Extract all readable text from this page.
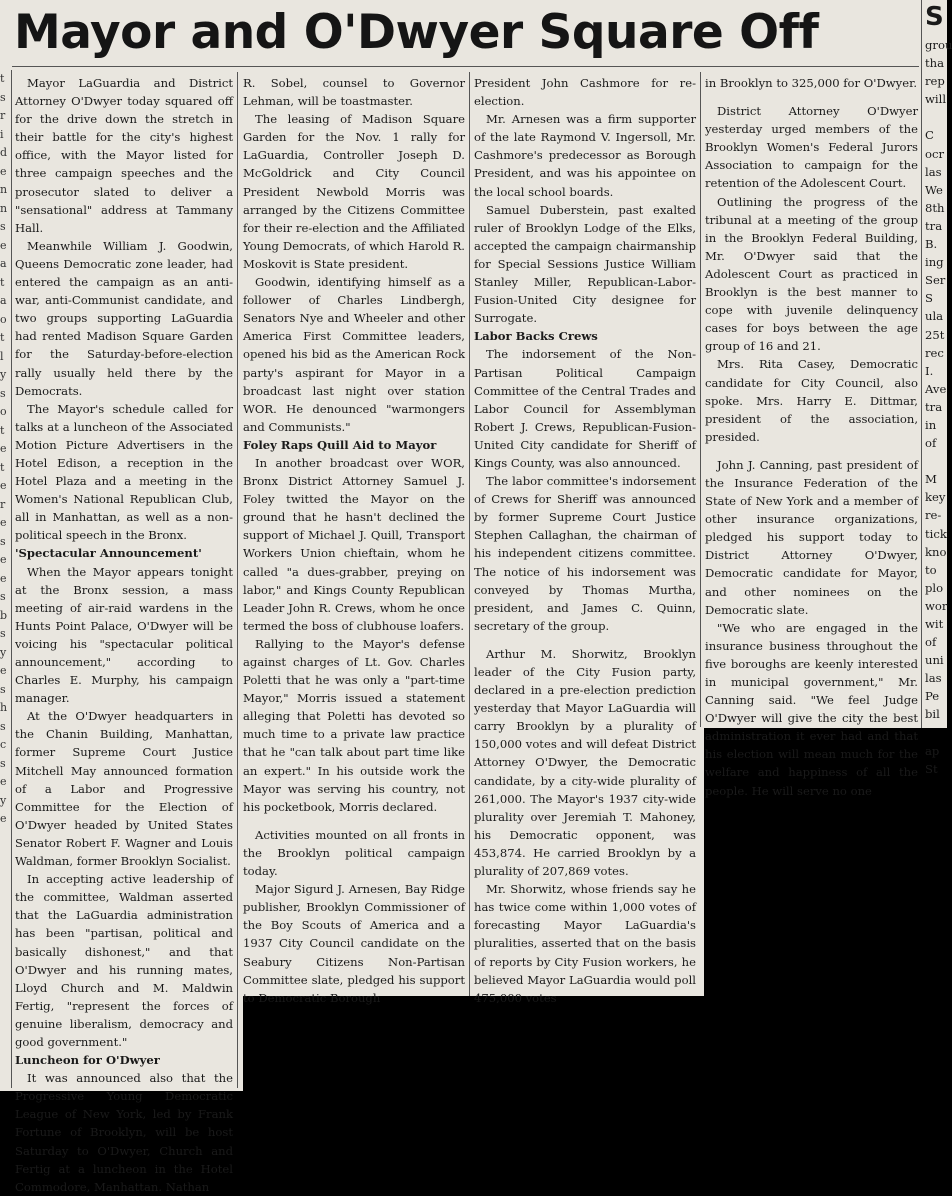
t
s
r
i
d
e
n
n
s
e
a
t
a
o
t
l
y
s
o
t
e
t
e
r
e
s
e
e
s
b
s
y
e
s
h
s
c
s
e
y
e
Mayor and O'Dwyer Square Off

Mayor LaGuardia and District Attorney O'Dwyer today squared off for the drive down the stretch in their battle for the city's highest office, with the Mayor listed for three campaign speeches and the prosecutor slated to deliver a "sensational" address at Tammany Hall.

Meanwhile William J. Goodwin, Queens Democratic zone leader, had entered the campaign as an anti-war, anti-Communist candidate, and two groups supporting LaGuardia had rented Madison Square Garden for the Saturday-before-election rally usually held there by the Democrats.

The Mayor's schedule called for talks at a luncheon of the Associated Motion Picture Advertisers in the Hotel Edison, a reception in the Hotel Plaza and a meeting in the Women's National Republican Club, all in Manhattan, as well as a non-political speech in the Bronx.

'Spectacular Announcement'

When the Mayor appears tonight at the Bronx session, a mass meeting of air-raid wardens in the Hunts Point Palace, O'Dwyer will be voicing his "spectacular political announcement," according to Charles E. Murphy, his campaign manager.

At the O'Dwyer headquarters in the Chanin Building, Manhattan, former Supreme Court Justice Mitchell May announced formation of a Labor and Progressive Committee for the Election of O'Dwyer headed by United States Senator Robert F. Wagner and Louis Waldman, former Brooklyn Socialist.

In accepting active leadership of the committee, Waldman asserted that the LaGuardia administration has been "partisan, political and basically dishonest," and that O'Dwyer and his running mates, Lloyd Church and M. Maldwin Fertig, "represent the forces of genuine liberalism, democracy and good government."

Luncheon for O'Dwyer

It was announced also that the Progressive Young Democratic League of New York, led by Frank Fortune of Brooklyn, will be host Saturday to O'Dwyer, Church and Fertig at a luncheon in the Hotel Commodore, Manhattan. Nathan

R. Sobel, counsel to Governor Lehman, will be toastmaster.

The leasing of Madison Square Garden for the Nov. 1 rally for LaGuardia, Controller Joseph D. McGoldrick and City Council President Newbold Morris was arranged by the Citizens Committee for their re-election and the Affiliated Young Democrats, of which Harold R. Moskovit is State president.

Goodwin, identifying himself as a follower of Charles Lindbergh, Senators Nye and Wheeler and other America First Committee leaders, opened his bid as the American Rock party's aspirant for Mayor in a broadcast last night over station WOR. He denounced "warmongers and Communists."

Foley Raps Quill Aid to Mayor

In another broadcast over WOR, Bronx District Attorney Samuel J. Foley twitted the Mayor on the ground that he hasn't declined the support of Michael J. Quill, Transport Workers Union chieftain, whom he called "a dues-grabber, preying on labor," and Kings County Republican Leader John R. Crews, whom he once termed the boss of clubhouse loafers.

Rallying to the Mayor's defense against charges of Lt. Gov. Charles Poletti that he was only a "part-time Mayor," Morris issued a statement alleging that Poletti has devoted so much time to a private law practice that he "can talk about part time like an expert." In his outside work the Mayor was serving his country, not his pocketbook, Morris declared.

Activities mounted on all fronts in the Brooklyn political campaign today.

Major Sigurd J. Arnesen, Bay Ridge publisher, Brooklyn Commissioner of the Boy Scouts of America and a 1937 City Council candidate on the Seabury Citizens Non-Partisan Committee slate, pledged his support to Democratic Borough

President John Cashmore for re-election.

Mr. Arnesen was a firm supporter of the late Raymond V. Ingersoll, Mr. Cashmore's predecessor as Borough President, and was his appointee on the local school boards.

Samuel Duberstein, past exalted ruler of Brooklyn Lodge of the Elks, accepted the campaign chairmanship for Special Sessions Justice William Stanley Miller, Republican-Labor-Fusion-United City designee for Surrogate.

Labor Backs Crews

The indorsement of the Non-Partisan Political Campaign Committee of the Central Trades and Labor Council for Assemblyman Robert J. Crews, Republican-Fusion-United City candidate for Sheriff of Kings County, was also announced.

The labor committee's indorsement of Crews for Sheriff was announced by former Supreme Court Justice Stephen Callaghan, the chairman of his independent citizens committee. The notice of his indorsement was conveyed by Thomas Murtha, president, and James C. Quinn, secretary of the group.

Arthur M. Shorwitz, Brooklyn leader of the City Fusion party, declared in a pre-election prediction yesterday that Mayor LaGuardia will carry Brooklyn by a plurality of 150,000 votes and will defeat District Attorney O'Dwyer, the Democratic candidate, by a city-wide plurality of 261,000. The Mayor's 1937 city-wide plurality over Jeremiah T. Mahoney, his Democratic opponent, was 453,874. He carried Brooklyn by a plurality of 207,869 votes.

Mr. Shorwitz, whose friends say he has twice come within 1,000 votes of forecasting Mayor LaGuardia's pluralities, asserted that on the basis of reports by City Fusion workers, he believed Mayor LaGuardia would poll 475,000 votes

in Brooklyn to 325,000 for O'Dwyer.

District Attorney O'Dwyer yesterday urged members of the Brooklyn Women's Federal Jurors Association to campaign for the retention of the Adolescent Court.

Outlining the progress of the tribunal at a meeting of the group in the Brooklyn Federal Building, Mr. O'Dwyer said that the Adolescent Court as practiced in Brooklyn is the best manner to cope with juvenile delinquency cases for boys between the age group of 16 and 21.

Mrs. Rita Casey, Democratic candidate for City Council, also spoke. Mrs. Harry E. Dittmar, president of the association, presided.

John J. Canning, past president of the Insurance Federation of the State of New York and a member of other insurance organizations, pledged his support today to District Attorney O'Dwyer, Democratic candidate for Mayor, and other nominees on the Democratic slate.

"We who are engaged in the insurance business throughout the five boroughs are keenly interested in municipal government," Mr. Canning said. "We feel Judge O'Dwyer will give the city the best administration it ever had and that his election will mean much for the welfare and happiness of all the people. He will serve no one

S
grou
tha
rep
will
C
ocr
las
We
8th
tra
B.
ing
Ser
S
ula
25t
rec
I.
Ave
tra
in
of
M
key
re-
tick
kno
to
plo
wor
wit
of
uni
las
Pe
bil
ap
St
